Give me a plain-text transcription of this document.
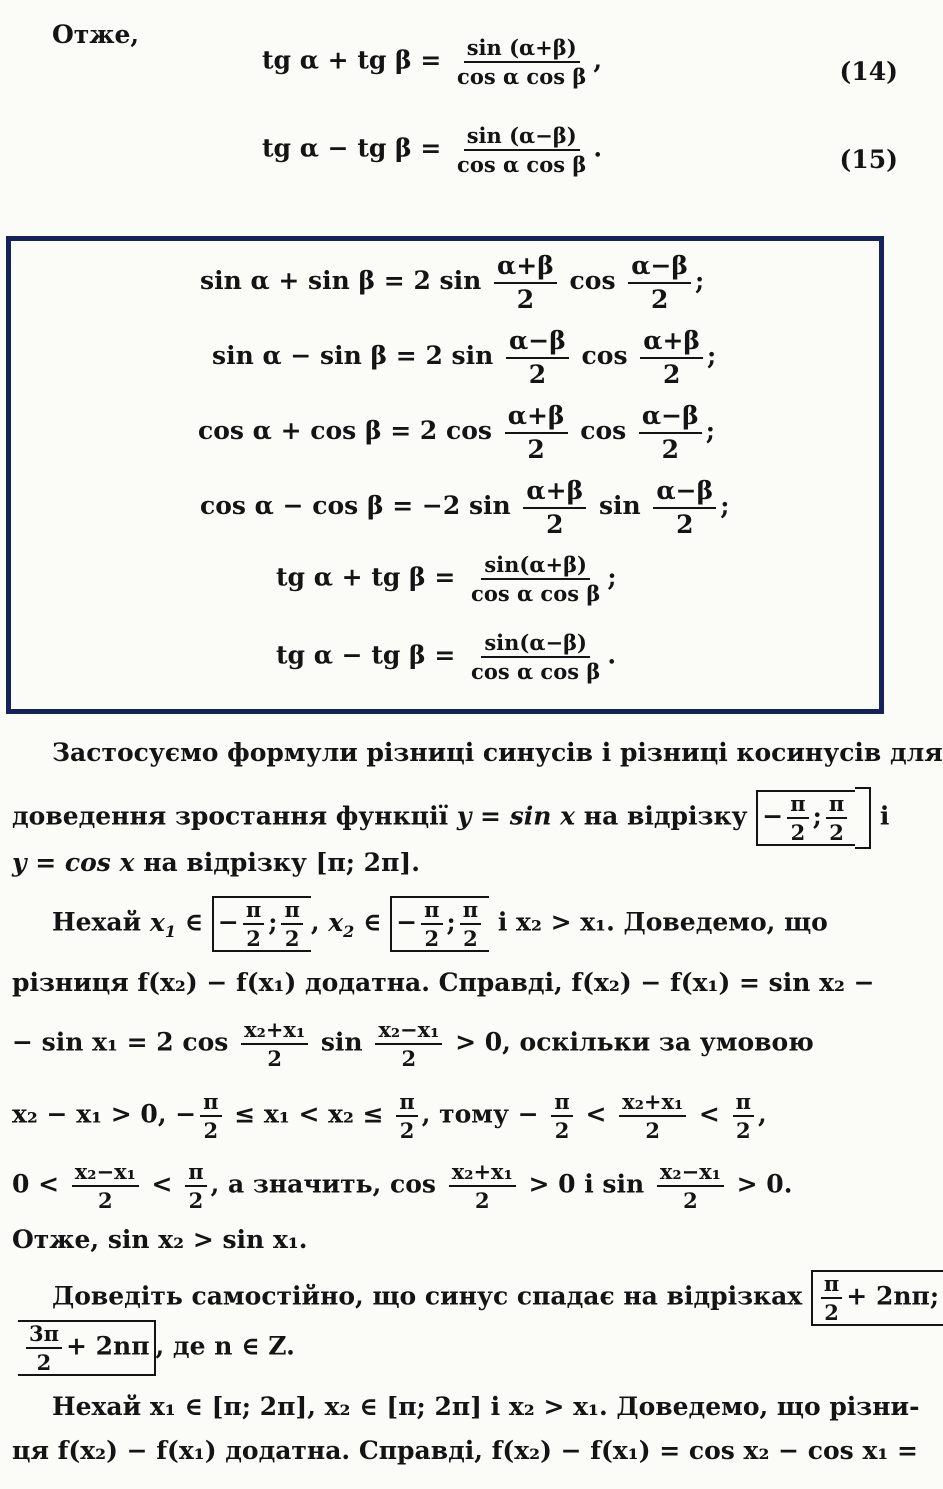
Отже,
tg α + tg $\beta = \frac{\sin (\alpha+\beta)}{\text{cos α cos β}}$ ,	(14)
tg α − tg $\beta = \frac{\sin (\alpha-\beta)}{\text{cos α cos β}}$ .	(15)
sin α + sin β = 2 $\sin \frac{\alpha+\beta}{2}$ $\cos \frac{\alpha-\beta}{2}$ ;
sin α − sin β = 2 $\sin \frac{\alpha-\beta}{2}$ $\cos \frac{\alpha+\beta}{2}$ ;
cos α + cos β = 2 $\cos \frac{\alpha+\beta}{2}$ $\cos \frac{\alpha-\beta}{2}$ ;
cos α − cos β = −2 $\sin \frac{\alpha+\beta}{2}$ $\sin \frac{\alpha-\beta}{2}$ ;
tg α + tg $\beta = \frac{\sin(\alpha+\beta)}{\text{cos α cos β}}$ ;
tg α − tg $\beta = \frac{\sin(\alpha-\beta)}{\text{cos α cos β}}$ .
Застосуємо формули різниці синусів і різниці косинусів для
доведення зростання функції y = sin x на відрізку − $\frac{\pi}{2}$ ; $\frac{\pi}{2}$ і
y = cos x на відрізку [π; 2π].
Нехай $x_1$ ∈ − $\frac{\pi}{2}$ ; $\frac{\pi}{2}$ , $x_2$ ∈ − $\frac{\pi}{2}$ ; $\frac{\pi}{2}$ і x₂ > x₁. Доведемо, що
різниця f(x₂) − f(x₁) додатна. Справді, f(x₂) − f(x₁) = sin x₂ −
− sin x₁ = 2 $\cos \frac{\text{x₂+x₁}}{2}$ $\sin \frac{\text{x₂−x₁}}{2} > 0$, оскільки за умовою
x₂ − x₁ > 0, − $\frac{\pi}{2} \le x_1 < x_2 \le \frac{\pi}{2}$ , тому − $\frac{\pi}{2} < \frac{\text{x₂+x₁}}{2} < \frac{\pi}{2}$ ,
$0 < \frac{\text{x₂−x₁}}{2} < \frac{\pi}{2}$ , а значить, $\cos \frac{\text{x₂+x₁}}{2} > 0$ і $\sin \frac{\text{x₂−x₁}}{2} > 0$.
Отже, sin x₂ > sin x₁.
Доведіть самостійно, що синус спадає на відрізках $\frac{\pi}{2} + 2n\pi$;
$\frac{3\pi}{2} + 2n\pi$ , де n ∈ Z.
Нехай x₁ ∈ [π; 2π], x₂ ∈ [π; 2π] і x₂ > x₁. Доведемо, що різни-
ця f(x₂) − f(x₁) додатна. Справді, f(x₂) − f(x₁) = cos x₂ − cos x₁ =
